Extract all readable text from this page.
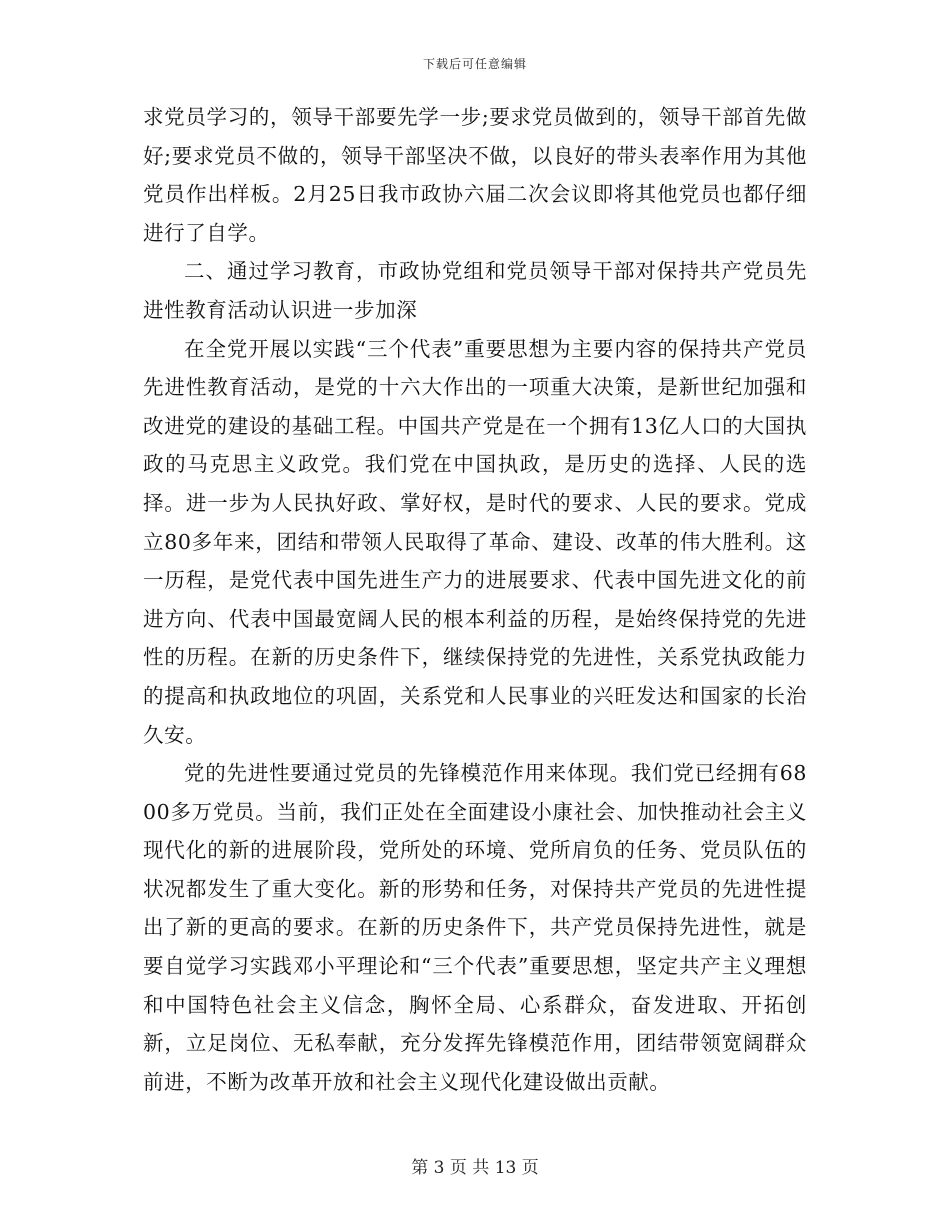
下载后可任意编辑

求党员学习的，领导干部要先学一步;要求党员做到的，领导干部首先做好;要求党员不做的，领导干部坚决不做，以良好的带头表率作用为其他党员作出样板。2月25日我市政协六届二次会议即将其他党员也都仔细进行了自学。

二、通过学习教育，市政协党组和党员领导干部对保持共产党员先进性教育活动认识进一步加深

在全党开展以实践“三个代表”重要思想为主要内容的保持共产党员先进性教育活动，是党的十六大作出的一项重大决策，是新世纪加强和改进党的建设的基础工程。中国共产党是在一个拥有13亿人口的大国执政的马克思主义政党。我们党在中国执政，是历史的选择、人民的选择。进一步为人民执好政、掌好权，是时代的要求、人民的要求。党成立80多年来，团结和带领人民取得了革命、建设、改革的伟大胜利。这一历程，是党代表中国先进生产力的进展要求、代表中国先进文化的前进方向、代表中国最宽阔人民的根本利益的历程，是始终保持党的先进性的历程。在新的历史条件下，继续保持党的先进性，关系党执政能力的提高和执政地位的巩固，关系党和人民事业的兴旺发达和国家的长治久安。

党的先进性要通过党员的先锋模范作用来体现。我们党已经拥有6800多万党员。当前，我们正处在全面建设小康社会、加快推动社会主义现代化的新的进展阶段，党所处的环境、党所肩负的任务、党员队伍的状况都发生了重大变化。新的形势和任务，对保持共产党员的先进性提出了新的更高的要求。在新的历史条件下，共产党员保持先进性，就是要自觉学习实践邓小平理论和“三个代表”重要思想，坚定共产主义理想和中国特色社会主义信念，胸怀全局、心系群众，奋发进取、开拓创新，立足岗位、无私奉献，充分发挥先锋模范作用，团结带领宽阔群众前进，不断为改革开放和社会主义现代化建设做出贡献。

第 3 页 共 13 页
